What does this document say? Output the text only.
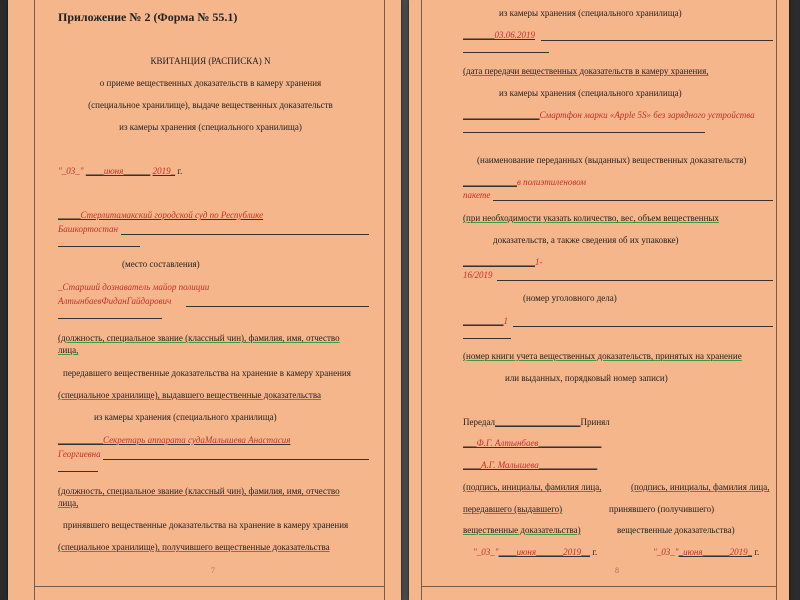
Приложение № 2 (Форма № 55.1)
КВИТАНЦИЯ (РАСПИСКА) N
о приеме вещественных доказательств в камеру хранения
(специальное хранилище), выдаче вещественных доказательств
из камеры хранения (специального хранилища)
"_03_" ____июня______ 2019_ г.
_____Стерлитамакский городской суд по Республике
Башкортостан
(место составления)
_Старший дознаватель майор полиции
АлтынбаевФиданГайдарович
(должность, специальное звание (классный чин), фамилия, имя, отчество
лица,
передавшего вещественные доказательства на хранение в камеру хранения
(специальное хранилище), выдавшего вещественные доказательства
из камеры хранения (специального хранилища)
__________Секретарь аппарата судаМалышева Анастасия
Георгиевна
(должность, специальное звание (классный чин), фамилия, имя, отчество
лица,
принявшего вещественные доказательства на хранение в камеру хранения
(специальное хранилище), получившего вещественные доказательства
7
из камеры хранения (специального хранилища)
_______03.06.2019
(дата передачи вещественных доказательств в камеру хранения,
из камеры хранения (специального хранилища)
_________________Смартфон марки «Apple 5S» без зарядного устройства
(наименование переданных (выданных) вещественных доказательств)
____________в полиэтиленовом
пакете
(при необходимости указать количество, вес, объем вещественных
доказательств, а также сведения об их упаковке)
________________1-
16/2019
(номер уголовного дела)
_________1
(номер книги учета вещественных доказательств, принятых на хранение
или выданных, порядковый номер записи)
Передал___________________Принял
___Ф.Г. Алтынбаев______________
____А.Г. Малышева_____________
(подпись, инициалы, фамилия лица,	(подпись, инициалы, фамилия лица,
передавшего (выдавшего)	принявшего (получившего)
вещественные доказательства)	вещественные доказательства)
"_03_"____июня______2019__ г.	"_03_"_июня______2019_ г.
8
